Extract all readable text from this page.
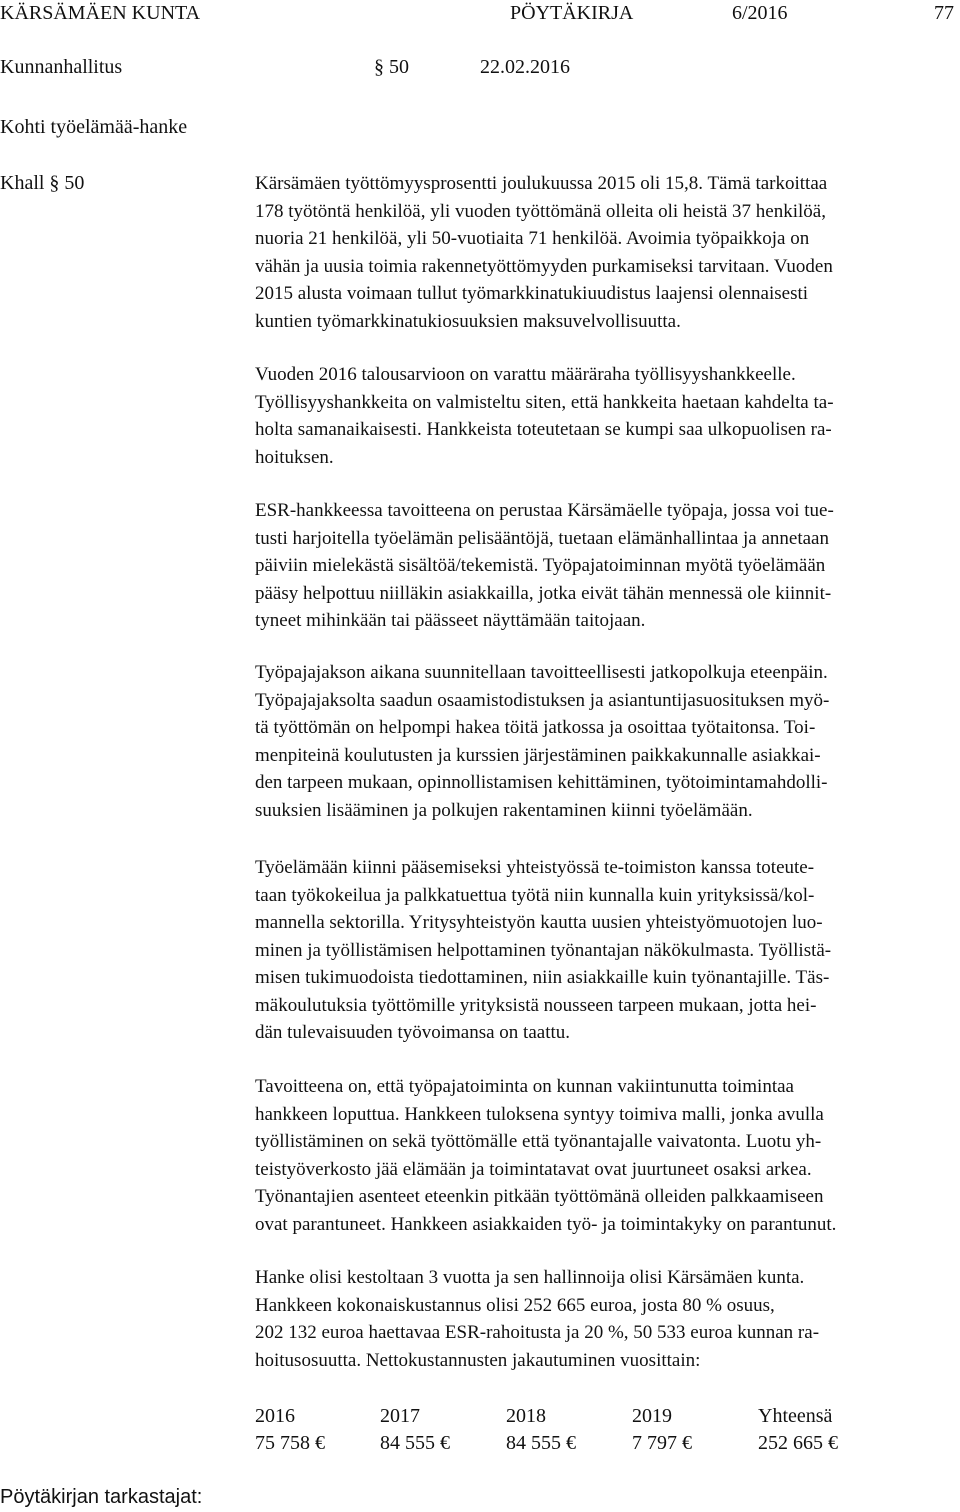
KÄRSÄMÄEN KUNTA	PÖYTÄKIRJA	6/2016	77
Kunnanhallitus	§ 50	22.02.2016
Kohti työelämää-hanke
Khall § 50	Kärsämäen työttömyysprosentti joulukuussa 2015 oli 15,8. Tämä tarkoittaa
178 työtöntä henkilöä, yli vuoden työttömänä olleita oli heistä 37 henkilöä,
nuoria 21 henkilöä, yli 50-vuotiaita 71 henkilöä. Avoimia työpaikkoja on
vähän ja uusia toimia rakennetyöttömyyden purkamiseksi tarvitaan. Vuoden
2015 alusta voimaan tullut työmarkkinatukiuudistus laajensi olennaisesti
kuntien työmarkkinatukiosuuksien maksuvelvollisuutta.
Vuoden 2016 talousarvioon on varattu määräraha työllisyyshankkeelle.
Työllisyyshankkeita on valmisteltu siten, että hankkeita haetaan kahdelta ta-
holta samanaikaisesti. Hankkeista toteutetaan se kumpi saa ulkopuolisen ra-
hoituksen.
ESR-hankkeessa tavoitteena on perustaa Kärsämäelle työpaja, jossa voi tue-
tusti harjoitella työelämän pelisääntöjä, tuetaan elämänhallintaa ja annetaan
päiviin mielekästä sisältöä/tekemistä. Työpajatoiminnan myötä työelämään
pääsy helpottuu niilläkin asiakkailla, jotka eivät tähän mennessä ole kiinnit-
tyneet mihinkään tai päässeet näyttämään taitojaan.
Työpajajakson aikana suunnitellaan tavoitteellisesti jatkopolkuja eteenpäin.
Työpajajaksolta saadun osaamistodistuksen ja asiantuntijasuosituksen myö-
tä työttömän on helpompi hakea töitä jatkossa ja osoittaa työtaitonsa. Toi-
menpiteinä koulutusten ja kurssien järjestäminen paikkakunnalle asiakkai-
den tarpeen mukaan, opinnollistamisen kehittäminen, työtoimintamahdolli-
suuksien lisääminen ja polkujen rakentaminen kiinni työelämään.
Työelämään kiinni pääsemiseksi yhteistyössä te-toimiston kanssa toteute-
taan työkokeilua ja palkkatuettua työtä niin kunnalla kuin yrityksissä/kol-
mannella sektorilla. Yritysyhteistyön kautta uusien yhteistyömuotojen luo-
minen ja työllistämisen helpottaminen työnantajan näkökulmasta. Työllistä-
misen tukimuodoista tiedottaminen, niin asiakkaille kuin työnantajille. Täs-
mäkoulutuksia työttömille yrityksistä nousseen tarpeen mukaan, jotta hei-
dän tulevaisuuden työvoimansa on taattu.
Tavoitteena on, että työpajatoiminta on kunnan vakiintunutta toimintaa
hankkeen loputtua. Hankkeen tuloksena syntyy toimiva malli, jonka avulla
työllistäminen on sekä työttömälle että työnantajalle vaivatonta. Luotu yh-
teistyöverkosto jää elämään ja toimintatavat ovat juurtuneet osaksi arkea.
Työnantajien asenteet eteenkin pitkään työttömänä olleiden palkkaamiseen
ovat parantuneet. Hankkeen asiakkaiden työ- ja toimintakyky on parantunut.
Hanke olisi kestoltaan 3 vuotta ja sen hallinnoija olisi Kärsämäen kunta.
Hankkeen kokonaiskustannus olisi 252 665 euroa, josta 80 % osuus,
202 132 euroa haettavaa ESR-rahoitusta ja 20 %, 50 533 euroa kunnan ra-
hoitusosuutta. Nettokustannusten jakautuminen vuosittain:
2016	2017	2018	2019	Yhteensä
75 758 €	84 555 €	84 555 €	7 797 €	252 665 €
Pöytäkirjan tarkastajat:
